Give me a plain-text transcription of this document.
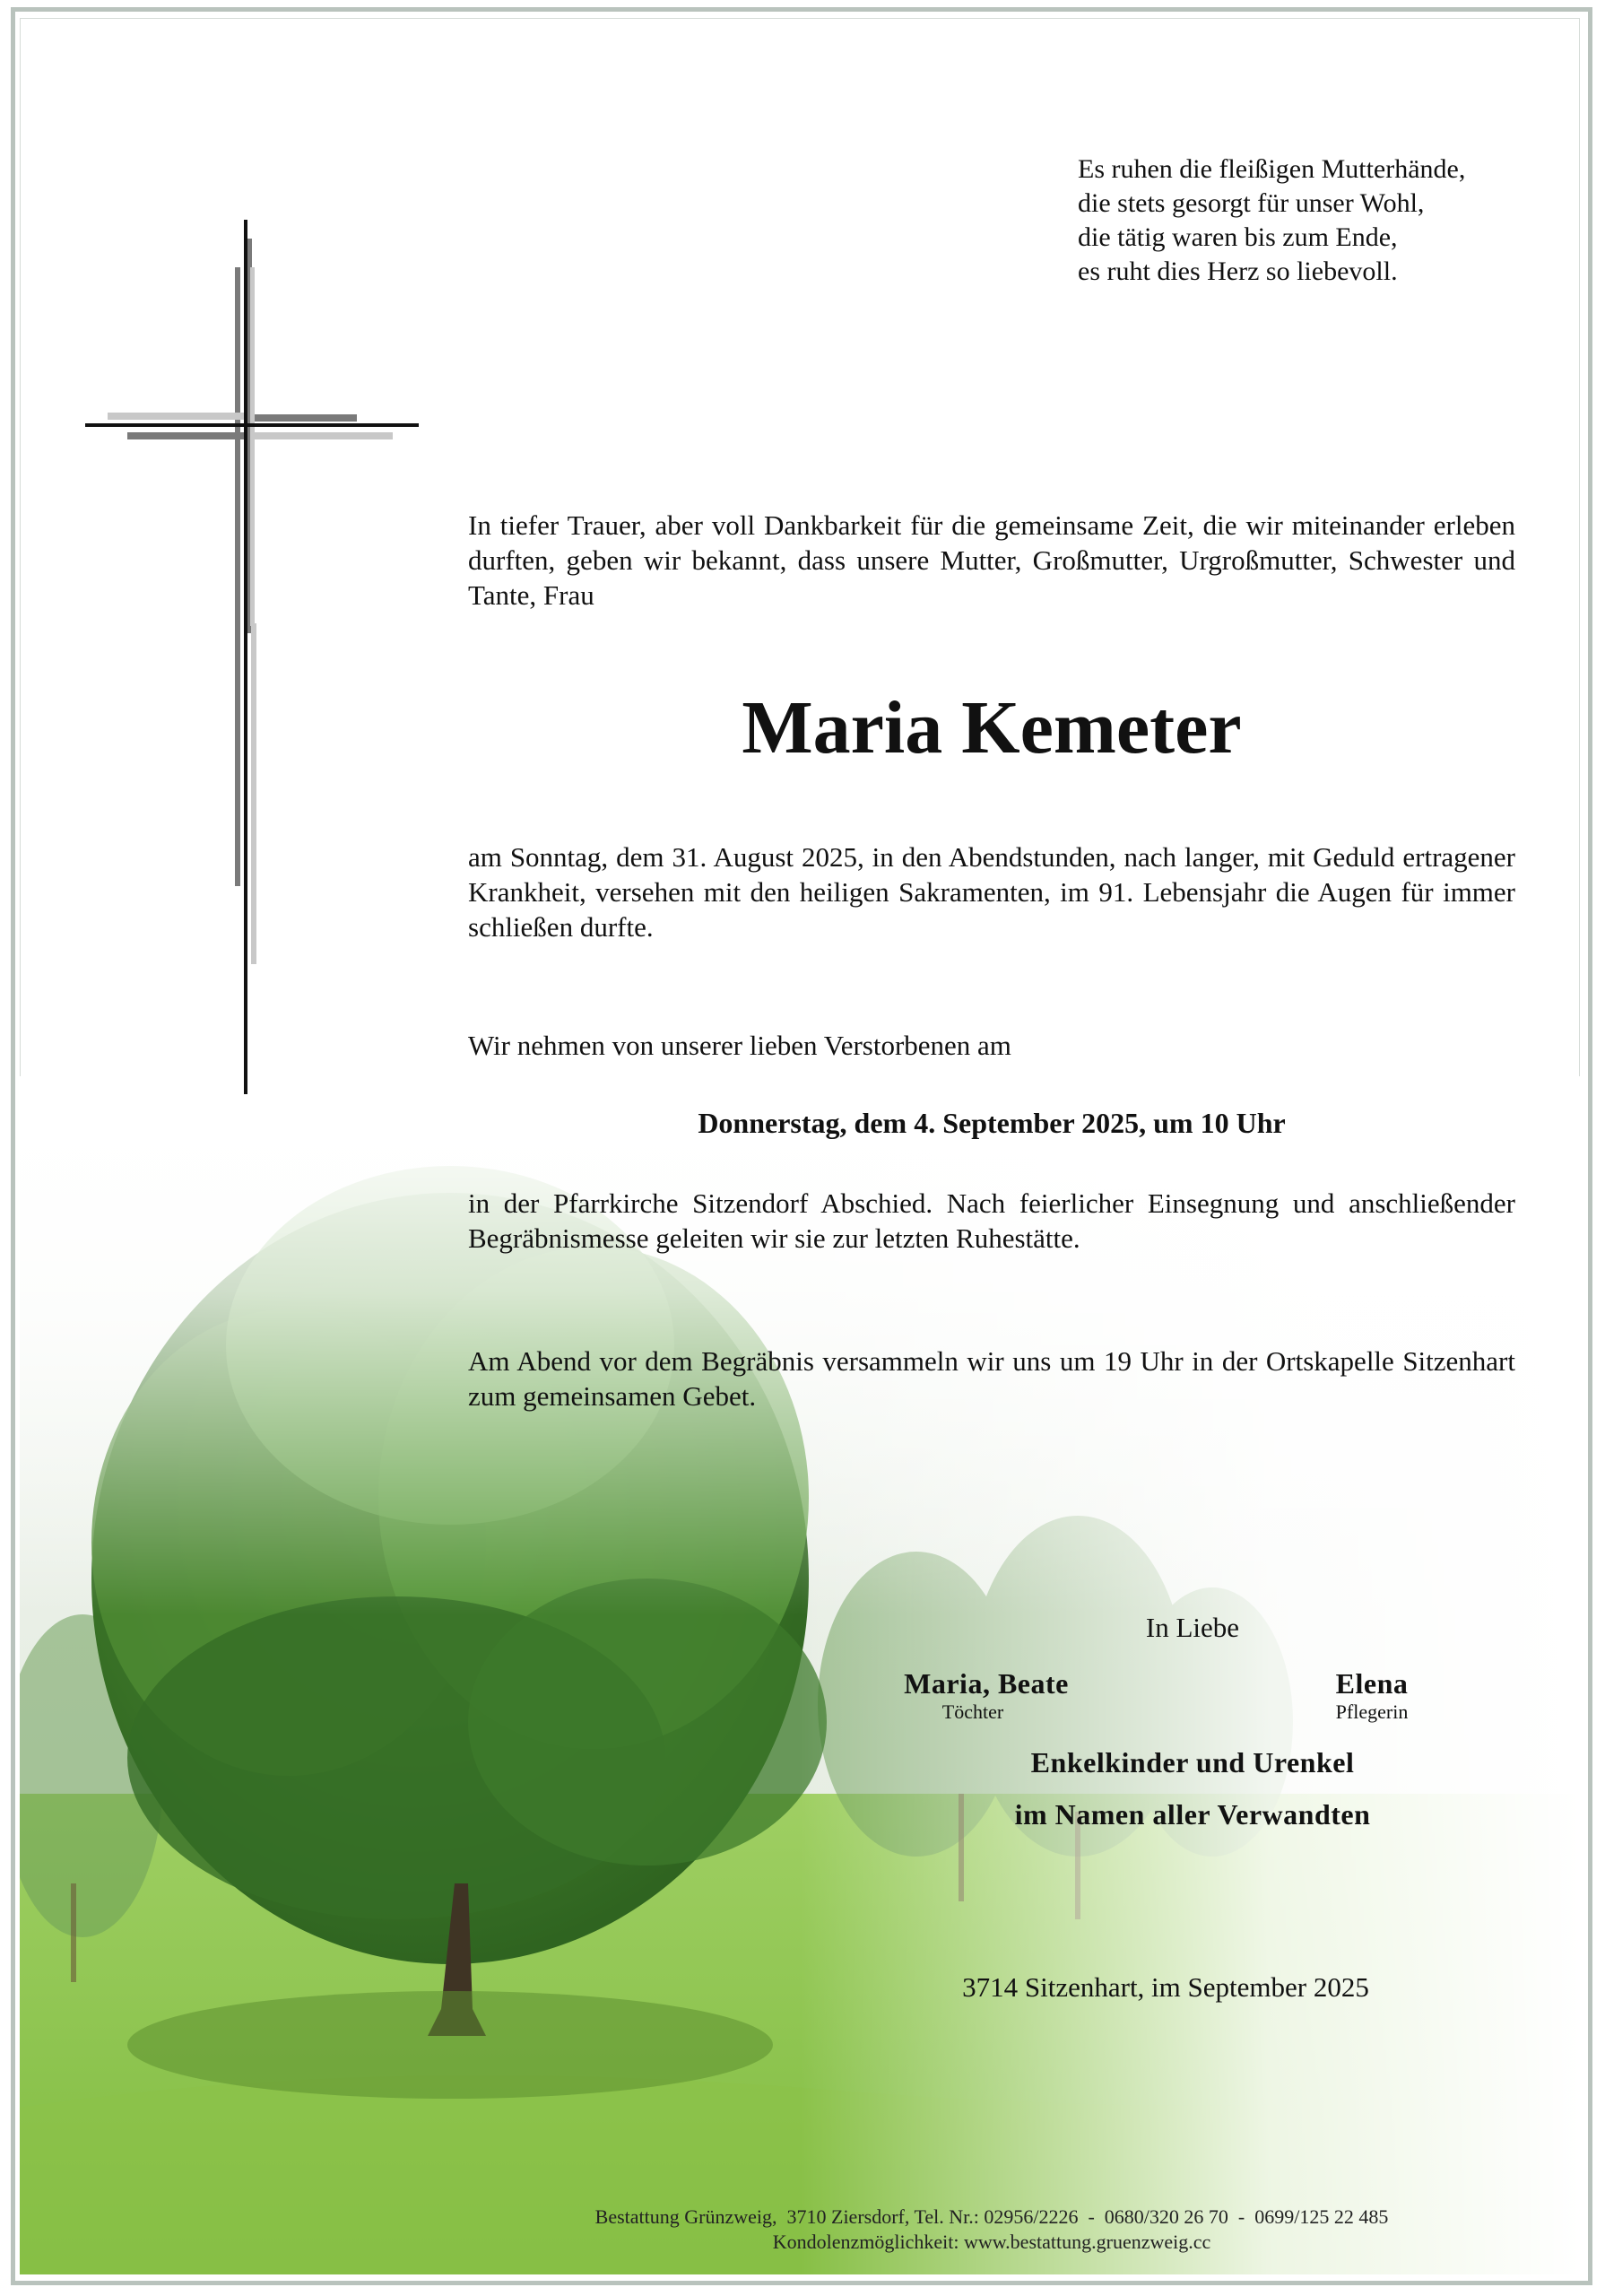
Es ruhen die fleißigen Mutterhände,
die stets gesorgt für unser Wohl,
die tätig waren bis zum Ende,
es ruht dies Herz so liebevoll.
In tiefer Trauer, aber voll Dankbarkeit für die gemeinsame Zeit, die wir miteinander erleben durften, geben wir bekannt, dass unsere Mutter, Großmutter, Urgroßmutter, Schwester und Tante, Frau
Maria Kemeter
am Sonntag, dem 31. August 2025, in den Abendstunden, nach langer, mit Geduld ertragener Krankheit, versehen mit den heiligen Sakramenten, im 91. Lebensjahr die Augen für immer schließen durfte.
Wir nehmen von unserer lieben Verstorbenen am
Donnerstag, dem 4. September 2025, um 10 Uhr
in der Pfarrkirche Sitzendorf Abschied. Nach feierlicher Einsegnung und anschließender Begräbnismesse geleiten wir sie zur letzten Ruhestätte.
Am Abend vor dem Begräbnis versammeln wir uns um 19 Uhr in der Ortskapelle Sitzenhart zum gemeinsamen Gebet.
In Liebe
Maria, Beate
Töchter
Elena
Pflegerin
Enkelkinder und Urenkel
im Namen aller Verwandten
3714 Sitzenhart, im September 2025
Bestattung Grünzweig,  3710 Ziersdorf, Tel. Nr.: 02956/2226  -  0680/320 26 70  -  0699/125 22 485
Kondolenzmöglichkeit: www.bestattung.gruenzweig.cc
